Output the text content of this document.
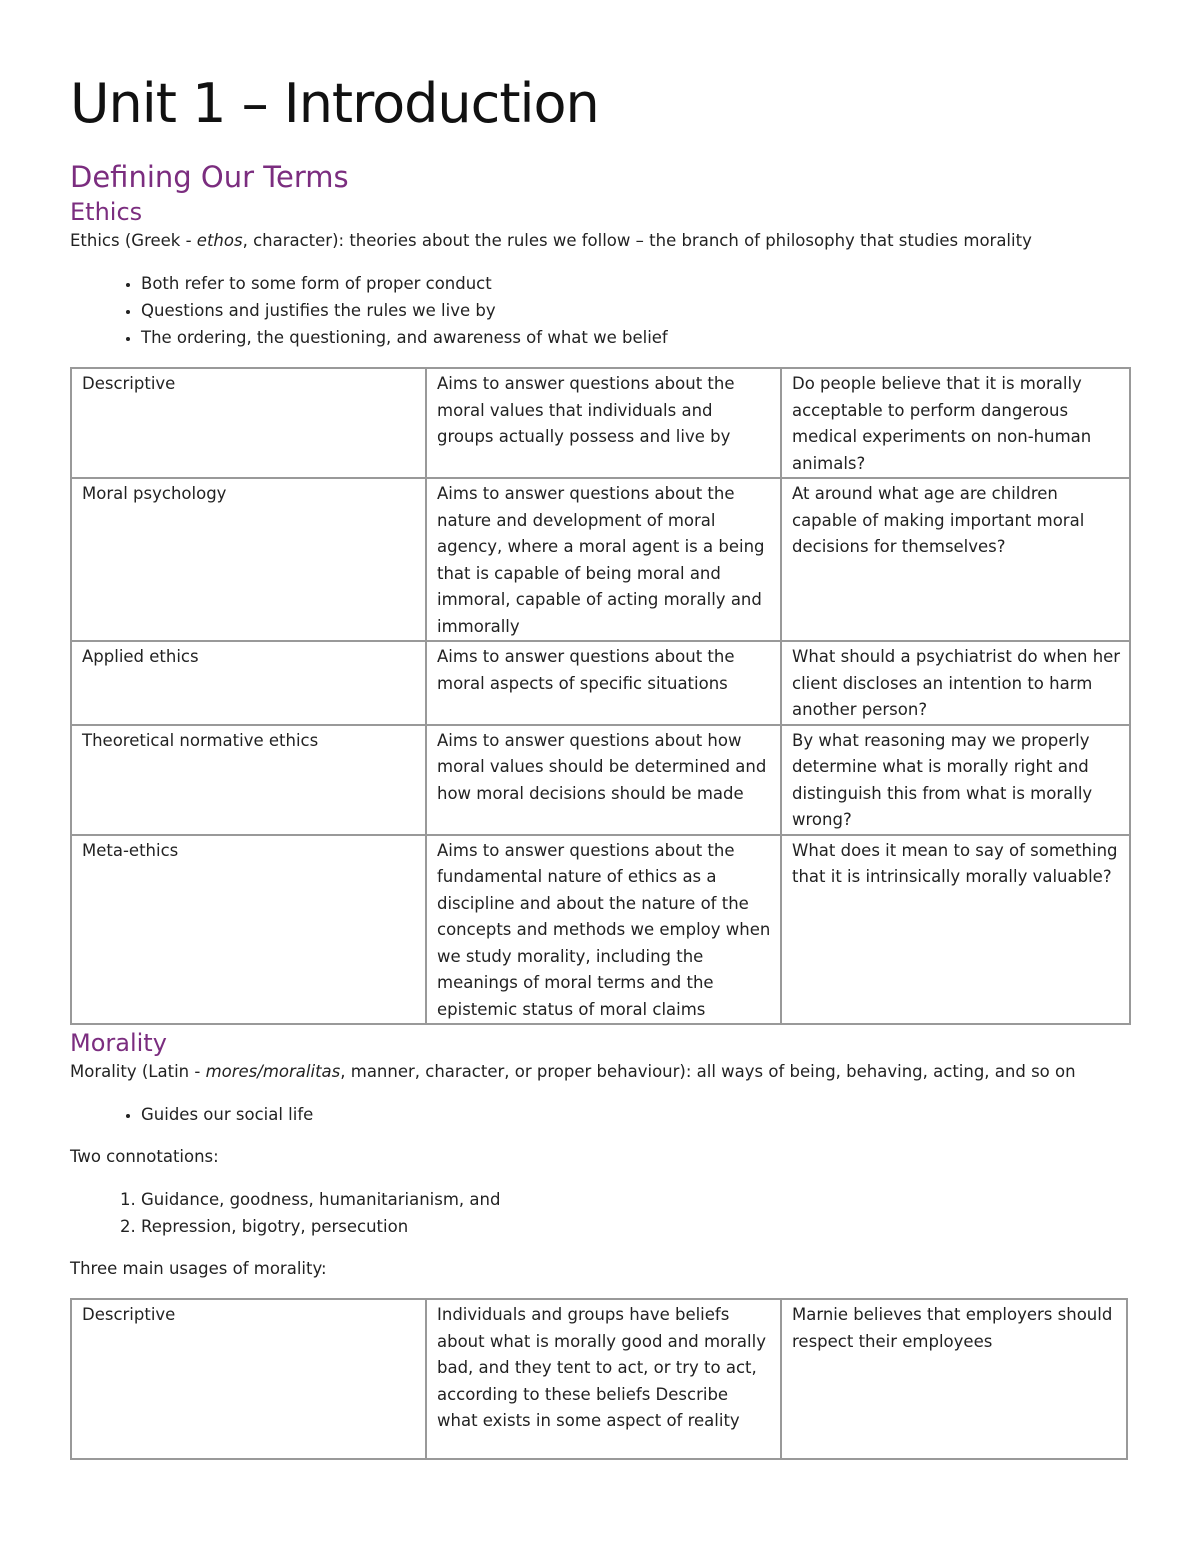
Unit 1 – Introduction
Defining Our Terms
Ethics

Ethics (Greek - ethos, character): theories about the rules we follow – the branch of philosophy that studies morality

• Both refer to some form of proper conduct
• Questions and justifies the rules we live by
• The ordering, the questioning, and awareness of what we belief
Descriptive	Aims to answer questions about the moral values that individuals and groups actually possess and live by	Do people believe that it is morally acceptable to perform dangerous medical experiments on non-human animals?
Moral psychology	Aims to answer questions about the nature and development of moral agency, where a moral agent is a being that is capable of being moral and immoral, capable of acting morally and immorally	At around what age are children capable of making important moral decisions for themselves?
Applied ethics	Aims to answer questions about the moral aspects of specific situations	What should a psychiatrist do when her client discloses an intention to harm another person?
Theoretical normative ethics	Aims to answer questions about how moral values should be determined and how moral decisions should be made	By what reasoning may we properly determine what is morally right and distinguish this from what is morally wrong?
Meta-ethics	Aims to answer questions about the fundamental nature of ethics as a discipline and about the nature of the concepts and methods we employ when we study morality, including the meanings of moral terms and the epistemic status of moral claims	What does it mean to say of something that it is intrinsically morally valuable?
Morality

Morality (Latin - mores/moralitas, manner, character, or proper behaviour): all ways of being, behaving, acting, and so on

• Guides our social life

Two connotations:

1. Guidance, goodness, humanitarianism, and
2. Repression, bigotry, persecution

Three main usages of morality:

Descriptive	Individuals and groups have beliefs about what is morally good and morally bad, and they tent to act, or try to act, according to these beliefs Describe what exists in some aspect of reality	Marnie believes that employers should respect their employees
